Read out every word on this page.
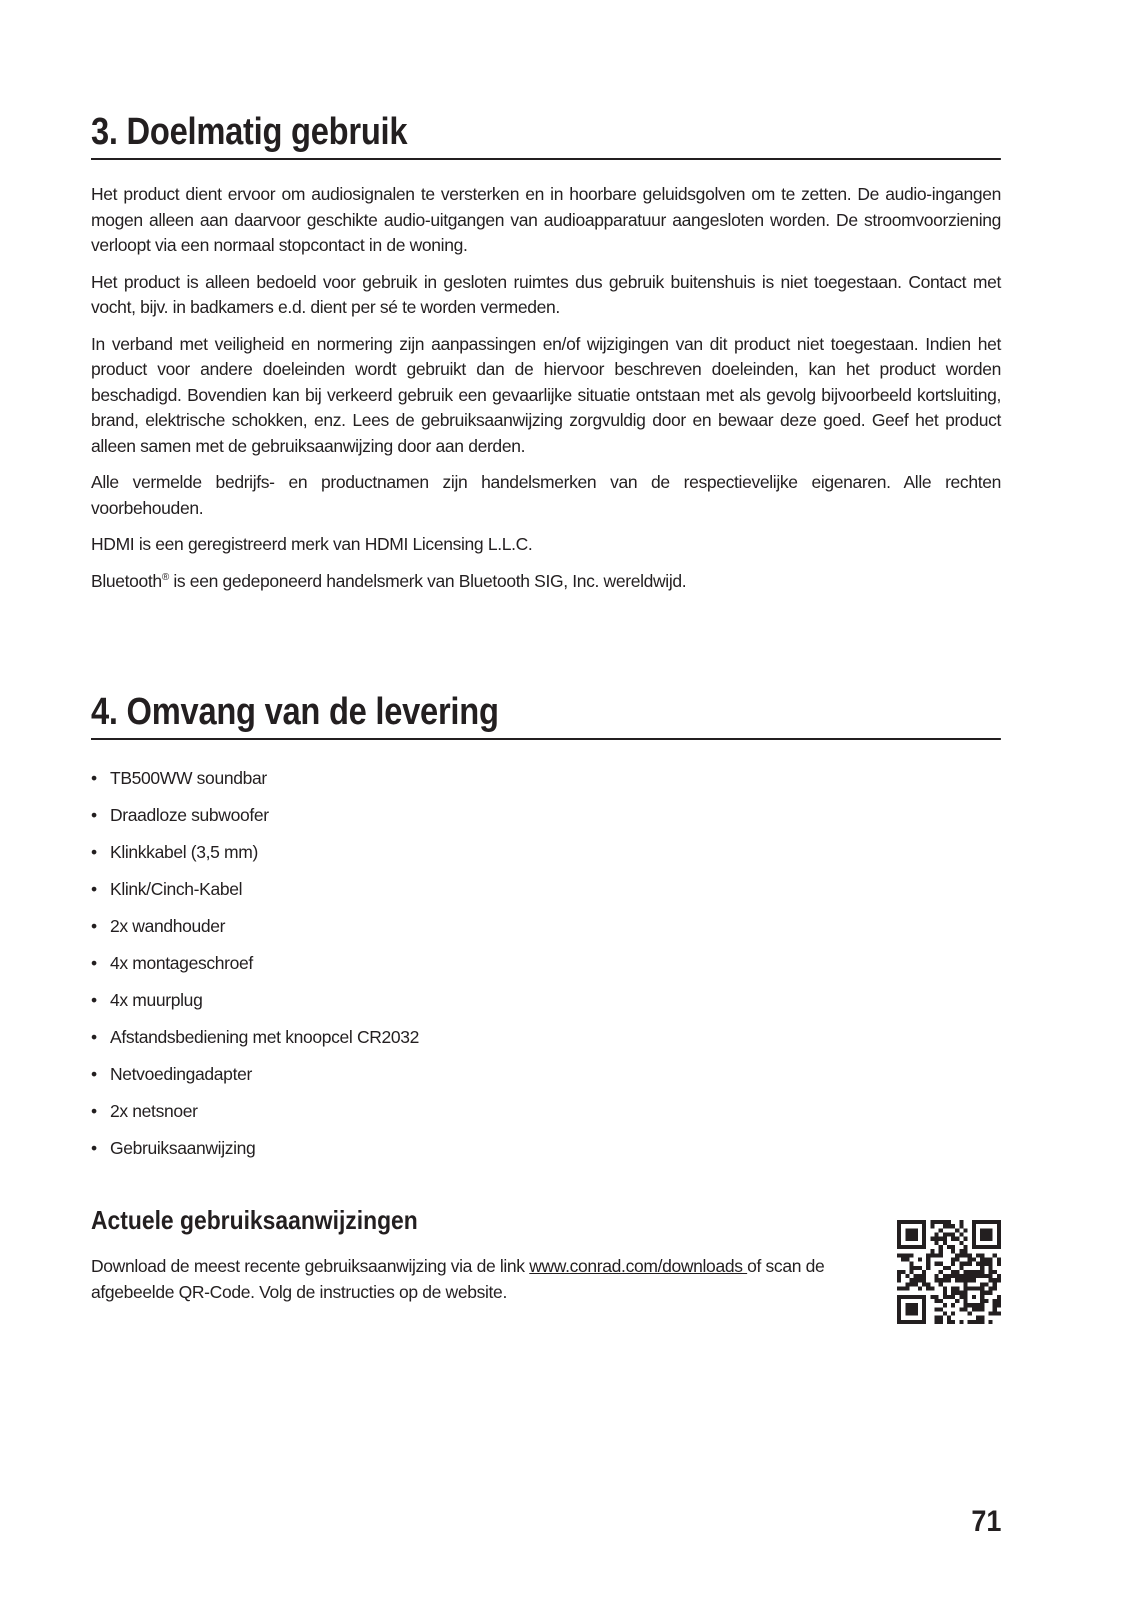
3. Doelmatig gebruik

Het product dient ervoor om audiosignalen te versterken en in hoorbare geluidsgolven om te zetten. De audio-ingangen mogen alleen aan daarvoor geschikte audio-uitgangen van audioapparatuur aangesloten worden. De stroomvoorziening verloopt via een normaal stopcontact in de woning.

Het product is alleen bedoeld voor gebruik in gesloten ruimtes dus gebruik buitenshuis is niet toegestaan. Contact met vocht, bijv. in badkamers e.d. dient per sé te worden vermeden.

In verband met veiligheid en normering zijn aanpassingen en/of wijzigingen van dit product niet toegestaan. Indien het product voor andere doeleinden wordt gebruikt dan de hiervoor beschreven doeleinden, kan het product worden beschadigd. Bovendien kan bij verkeerd gebruik een gevaarlijke situatie ontstaan met als gevolg bijvoorbeeld kortsluiting, brand, elektrische schokken, enz. Lees de gebruiksaanwijzing zorgvuldig door en bewaar deze goed. Geef het product alleen samen met de gebruiksaanwijzing door aan derden.

Alle vermelde bedrijfs- en productnamen zijn handelsmerken van de respectievelijke eigenaren. Alle rechten voorbehouden.

HDMI is een geregistreerd merk van HDMI Licensing L.L.C.

Bluetooth® is een gedeponeerd handelsmerk van Bluetooth SIG, Inc. wereldwijd.

4. Omvang van de levering
• TB500WW soundbar
• Draadloze subwoofer
• Klinkkabel (3,5 mm)
• Klink/Cinch-Kabel
• 2x wandhouder
• 4x montageschroef
• 4x muurplug
• Afstandsbediening met knoopcel CR2032
• Netvoedingadapter
• 2x netsnoer
• Gebruiksaanwijzing
Actuele gebruiksaanwijzingen

Download de meest recente gebruiksaanwijzing via de link www.conrad.com/downloads of scan de afgebeelde QR-Code. Volg de instructies op de website.

71
